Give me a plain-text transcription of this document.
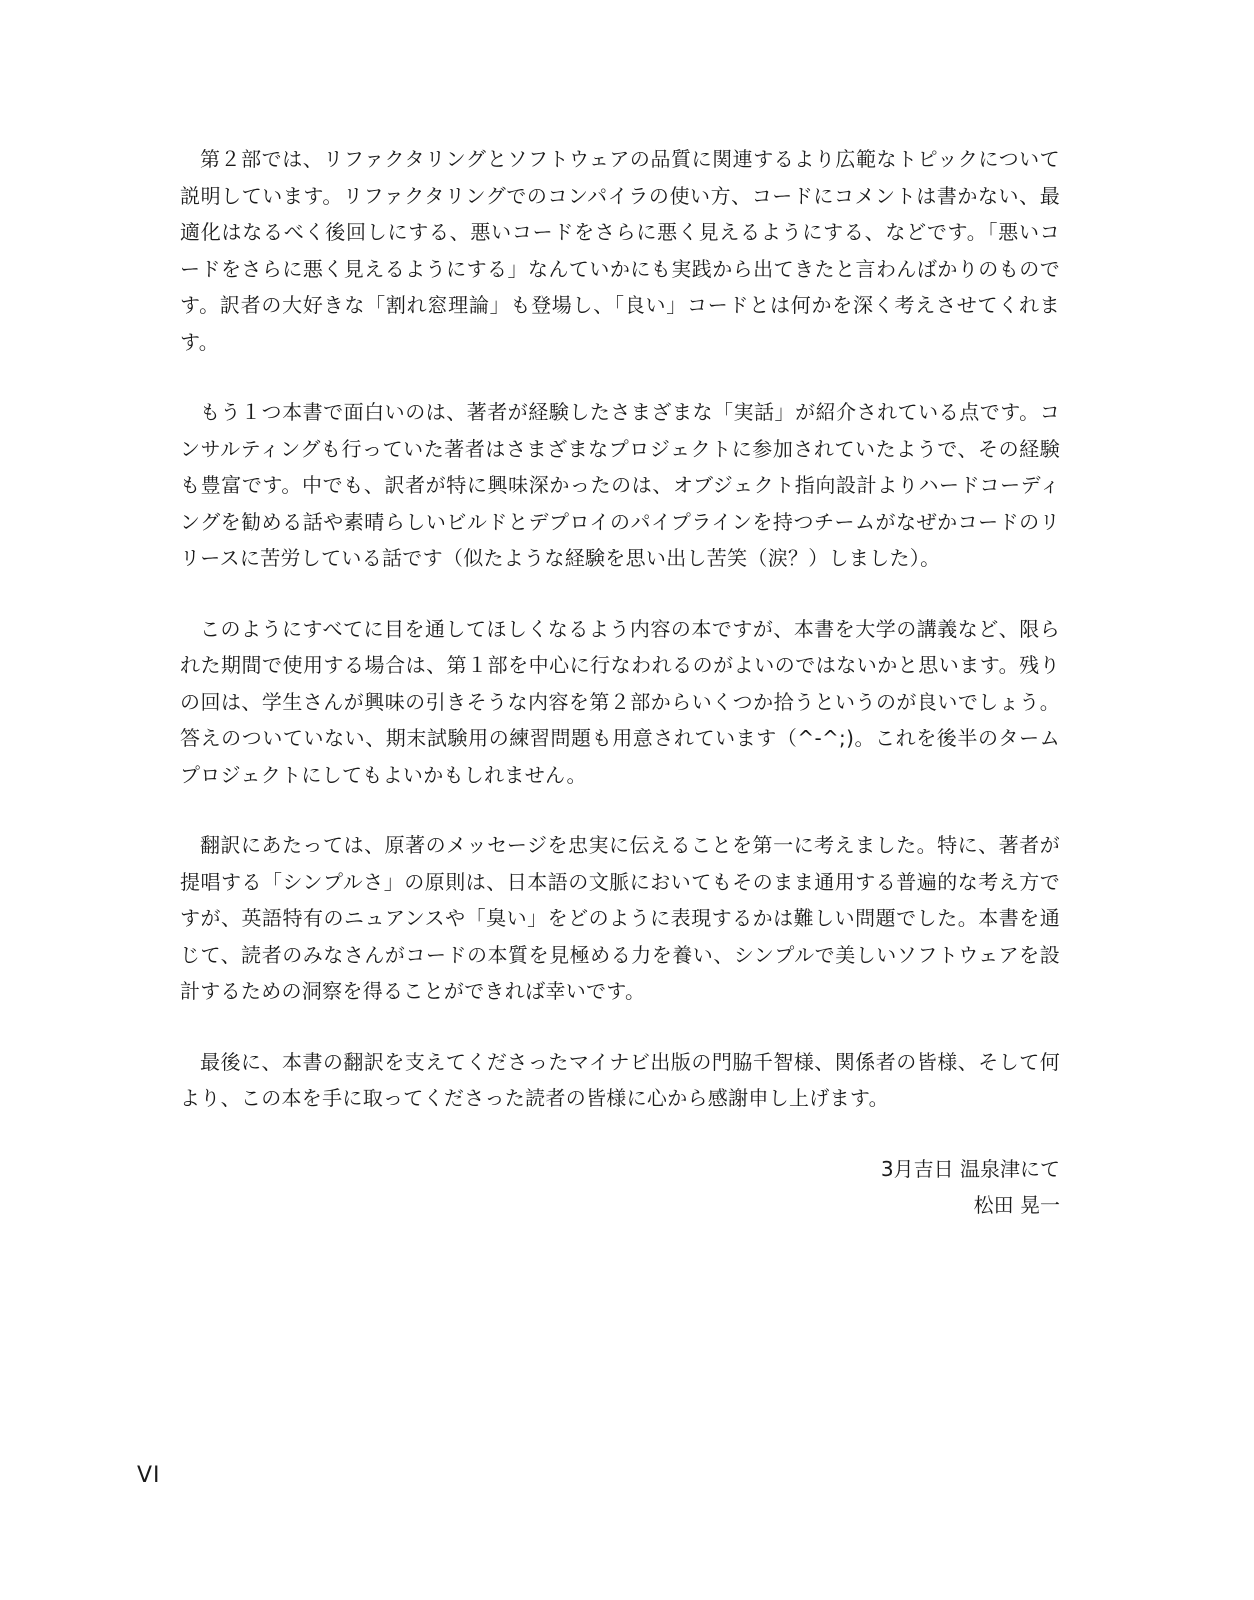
第２部では、リファクタリングとソフトウェアの品質に関連するより広範なトピックについて説明しています。リファクタリングでのコンパイラの使い方、コードにコメントは書かない、最適化はなるべく後回しにする、悪いコードをさらに悪く見えるようにする、などです。「悪いコードをさらに悪く見えるようにする」なんていかにも実践から出てきたと言わんばかりのものです。訳者の大好きな「割れ窓理論」も登場し、「良い」コードとは何かを深く考えさせてくれます。

もう１つ本書で面白いのは、著者が経験したさまざまな「実話」が紹介されている点です。コンサルティングも行っていた著者はさまざまなプロジェクトに参加されていたようで、その経験も豊富です。中でも、訳者が特に興味深かったのは、オブジェクト指向設計よりハードコーディングを勧める話や素晴らしいビルドとデプロイのパイプラインを持つチームがなぜかコードのリリースに苦労している話です（似たような経験を思い出し苦笑（涙？）しました）。

このようにすべてに目を通してほしくなるよう内容の本ですが、本書を大学の講義など、限られた期間で使用する場合は、第１部を中心に行なわれるのがよいのではないかと思います。残りの回は、学生さんが興味の引きそうな内容を第２部からいくつか拾うというのが良いでしょう。答えのついていない、期末試験用の練習問題も用意されています（^-^;)。これを後半のタームプロジェクトにしてもよいかもしれません。

翻訳にあたっては、原著のメッセージを忠実に伝えることを第一に考えました。特に、著者が提唱する「シンプルさ」の原則は、日本語の文脈においてもそのまま通用する普遍的な考え方ですが、英語特有のニュアンスや「臭い」をどのように表現するかは難しい問題でした。本書を通じて、読者のみなさんがコードの本質を見極める力を養い、シンプルで美しいソフトウェアを設計するための洞察を得ることができれば幸いです。

最後に、本書の翻訳を支えてくださったマイナビ出版の門脇千智様、関係者の皆様、そして何より、この本を手に取ってくださった読者の皆様に心から感謝申し上げます。

3月吉日 温泉津にて
松田 晃一
VI
